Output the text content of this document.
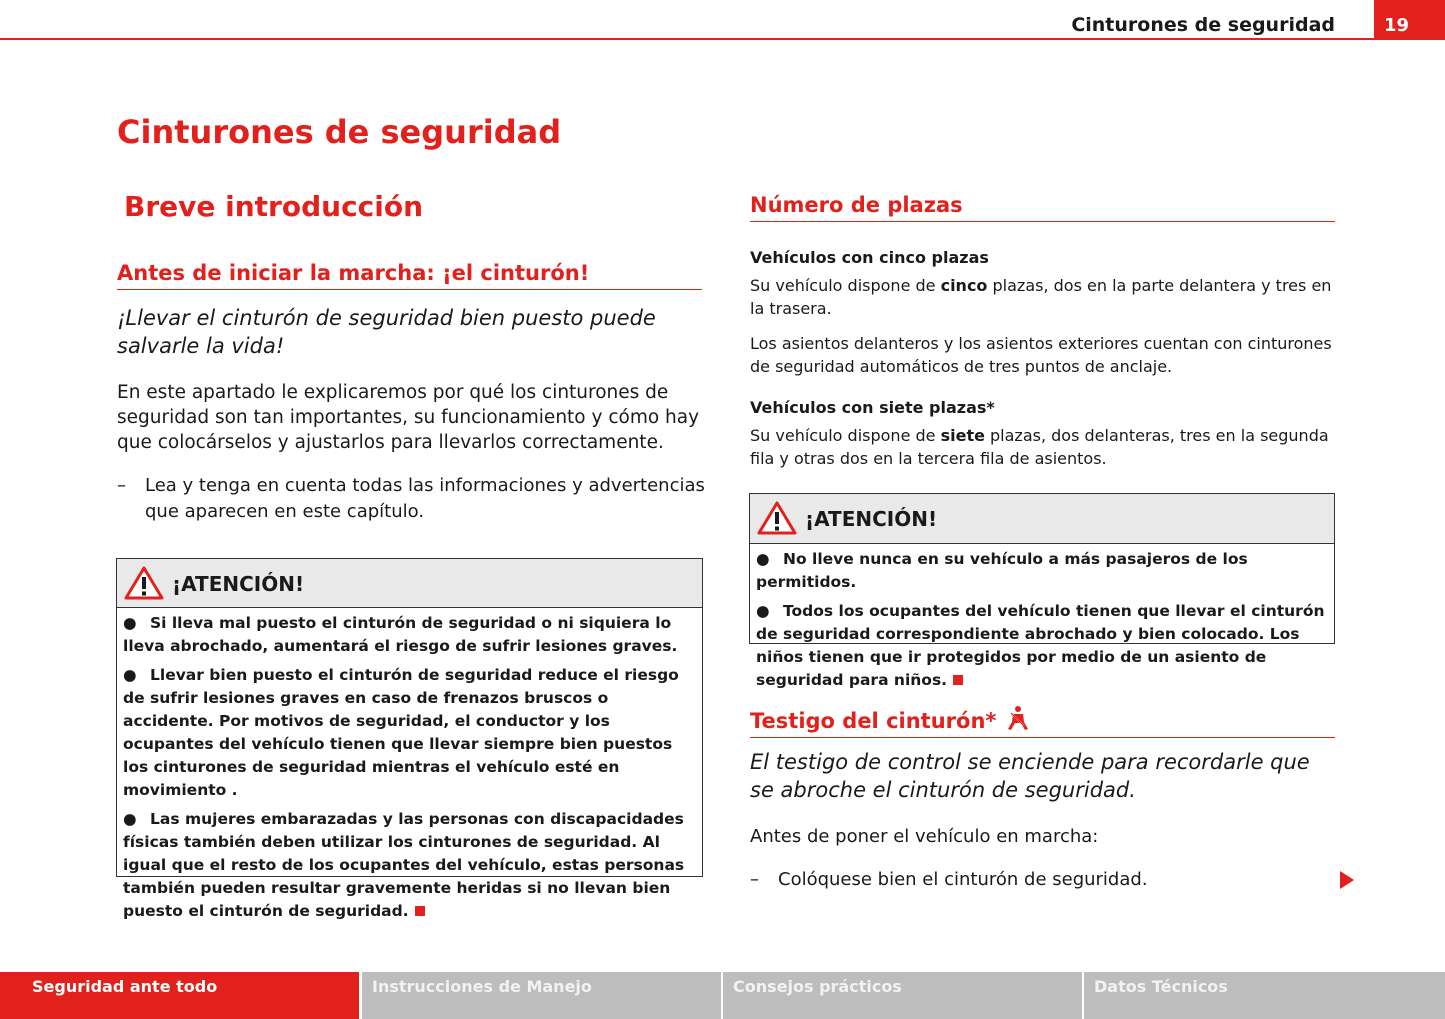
Cinturones de seguridad	19
Cinturones de seguridad
Breve introducción
Antes de iniciar la marcha: ¡el cinturón!

¡Llevar el cinturón de seguridad bien puesto puede salvarle la vida!

En este apartado le explicaremos por qué los cinturones de seguridad son tan importantes, su funcionamiento y cómo hay que colocárselos y ajustarlos para llevarlos correctamente.

– Lea y tenga en cuenta todas las informaciones y advertencias que aparecen en este capítulo.

¡ATENCIÓN!

● Si lleva mal puesto el cinturón de seguridad o ni siquiera lo lleva abrochado, aumentará el riesgo de sufrir lesiones graves.

● Llevar bien puesto el cinturón de seguridad reduce el riesgo de sufrir lesiones graves en caso de frenazos bruscos o accidente. Por motivos de seguridad, el conductor y los ocupantes del vehículo tienen que llevar siempre bien puestos los cinturones de seguridad mientras el vehículo esté en movimiento .

● Las mujeres embarazadas y las personas con discapacidades físicas también deben utilizar los cinturones de seguridad. Al igual que el resto de los ocupantes del vehículo, estas personas también pueden resultar gravemente heridas si no llevan bien puesto el cinturón de seguridad.

Número de plazas

Vehículos con cinco plazas

Su vehículo dispone de cinco plazas, dos en la parte delantera y tres en la trasera.

Los asientos delanteros y los asientos exteriores cuentan con cinturones de seguridad automáticos de tres puntos de anclaje.

Vehículos con siete plazas*

Su vehículo dispone de siete plazas, dos delanteras, tres en la segunda fila y otras dos en la tercera fila de asientos.

¡ATENCIÓN!

● No lleve nunca en su vehículo a más pasajeros de los permitidos.

● Todos los ocupantes del vehículo tienen que llevar el cinturón de seguridad correspondiente abrochado y bien colocado. Los niños tienen que ir protegidos por medio de un asiento de seguridad para niños.

Testigo del cinturón*

El testigo de control se enciende para recordarle que se abroche el cinturón de seguridad.

Antes de poner el vehículo en marcha:

– Colóquese bien el cinturón de seguridad.

Seguridad ante todo	Instrucciones de Manejo	Consejos prácticos	Datos Técnicos
